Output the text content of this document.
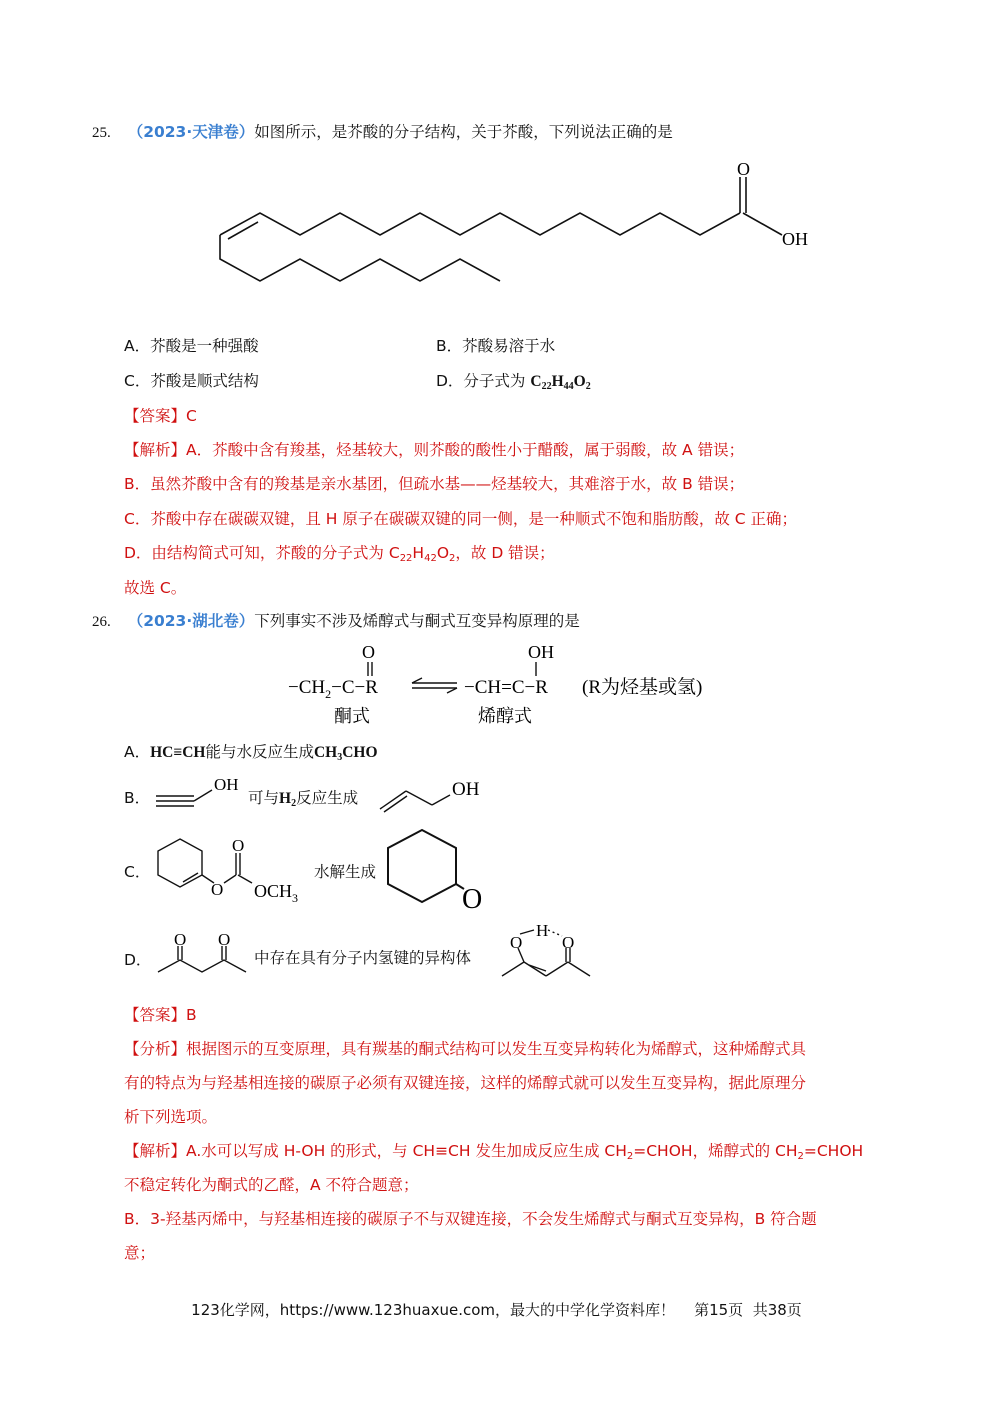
25. （2023·天津卷）如图所示，是芥酸的分子结构，关于芥酸，下列说法正确的是
O
OH
A．芥酸是一种强酸	B．芥酸易溶于水
C．芥酸是顺式结构	D．分子式为 $C_{22}H_{44}O_2$
【答案】C
【解析】A．芥酸中含有羧基，烃基较大，则芥酸的酸性小于醋酸，属于弱酸，故 A 错误；
B．虽然芥酸中含有的羧基是亲水基团，但疏水基——烃基较大，其难溶于水，故 B 错误；
C．芥酸中存在碳碳双键，且 H 原子在碳碳双键的同一侧，是一种顺式不饱和脂肪酸，故 C 正确；
D．由结构简式可知，芥酸的分子式为 $C_{22}H_{42}O_2$，故 D 错误；
故选 C。
26. （2023·湖北卷）下列事实不涉及烯醇式与酮式互变异构原理的是
O
$-CH_2-C-R$
OH
−CH=C−R (R为烃基或氢)
酮式	烯醇式
A．HC≡CH能与水反应生成$CH_3CHO$
B．
OH
可与$H_2$反应生成	OH
C．
O
O
$OCH_3$
水解生成
O
D．
O O
中存在具有分子内氢键的异构体
H
O O
【答案】B
【分析】根据图示的互变原理，具有羰基的酮式结构可以发生互变异构转化为烯醇式，这种烯醇式具
有的特点为与羟基相连接的碳原子必须有双键连接，这样的烯醇式就可以发生互变异构，据此原理分
析下列选项。
【解析】A.水可以写成 H-OH 的形式，与 CH≡CH 发生加成反应生成 $CH_2=CHOH$，烯醇式的 $CH_2=CHOH$
不稳定转化为酮式的乙醛，A 不符合题意；
B．3-羟基丙烯中，与羟基相连接的碳原子不与双键连接，不会发生烯醇式与酮式互变异构，B 符合题
意；
123化学网，https://www.123huaxue.com，最大的中学化学资料库！    第15页  共38页
